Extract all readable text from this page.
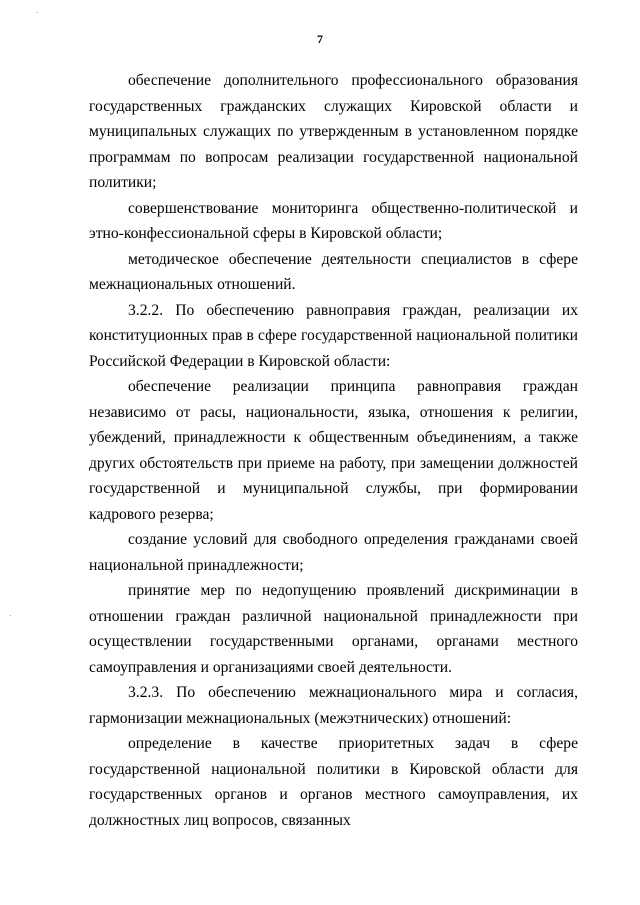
7

обеспечение дополнительного профессионального образования государственных гражданских служащих Кировской области и муниципальных служащих по утвержденным в установленном порядке программам по вопросам реализации государственной национальной политики;

совершенствование мониторинга общественно-политической и этно-конфессиональной сферы в Кировской области;

методическое обеспечение деятельности специалистов в сфере межнациональных отношений.

3.2.2. По обеспечению равноправия граждан, реализации их конституционных прав в сфере государственной национальной политики Российской Федерации в Кировской области:

обеспечение реализации принципа равноправия граждан независимо от расы, национальности, языка, отношения к религии, убеждений, принадлежности к общественным объединениям, а также других обстоятельств при приеме на работу, при замещении должностей государственной и муниципальной службы, при формировании кадрового резерва;

создание условий для свободного определения гражданами своей национальной принадлежности;

принятие мер по недопущению проявлений дискриминации в отношении граждан различной национальной принадлежности при осуществлении государственными органами, органами местного самоуправления и организациями своей деятельности.

3.2.3. По обеспечению межнационального мира и согласия, гармонизации межнациональных (межэтнических) отношений:

определение в качестве приоритетных задач в сфере государственной национальной политики в Кировской области для государственных органов и органов местного самоуправления, их должностных лиц вопросов, связанных

·
·
